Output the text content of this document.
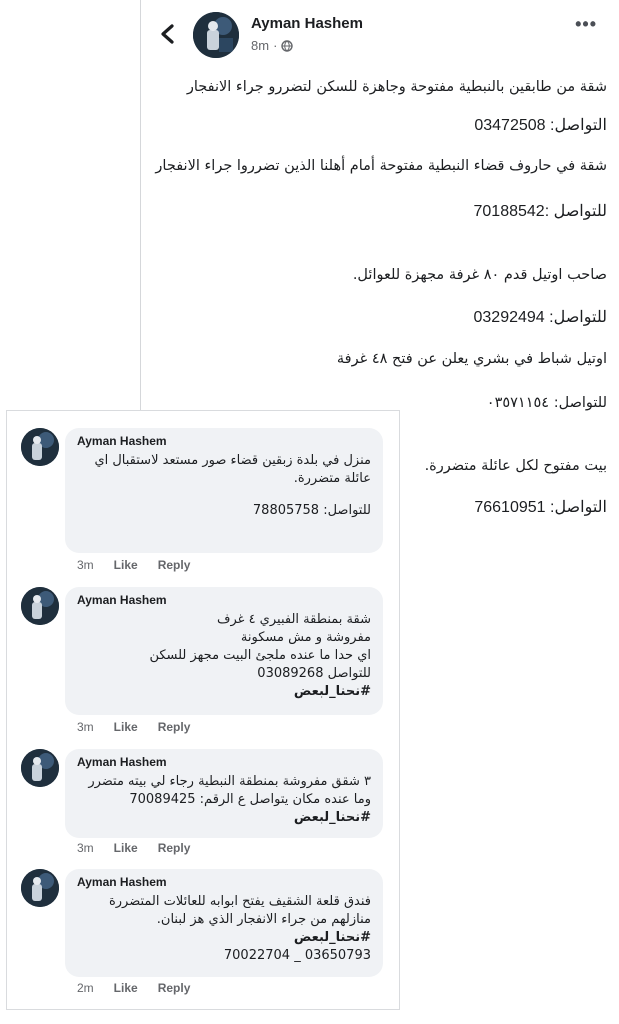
Ayman Hashem
8m ·
•••
شقة من طابقين بالنبطية مفتوحة وجاهزة للسكن لتضررو جراء الانفجار
التواصل: 03472508
شقة في حاروف قضاء النبطية مفتوحة أمام أهلنا الذين تضرروا جراء الانفجار
للتواصل :70188542
صاحب اوتيل قدم ٨٠ غرفة مجهزة للعوائل.
للتواصل: 03292494
اوتيل شباط في بشري يعلن عن فتح ٤٨ غرفة
للتواصل: ٠٣٥٧١١٥٤
بيت مفتوح لكل عائلة متضررة.
التواصل: 76610951
Ayman Hashem
منزل في بلدة زبقين قضاء صور مستعد لاستقبال اي عائلة متضررة.
للتواصل: 78805758
3m Like Reply
Ayman Hashem
شقة بمنطقة الفبيري ٤ غرف
مفروشة و مش مسكونة
اي حدا ما عنده ملجئ البيت مجهز للسكن
للتواصل 03089268
#نحنا_لبعض
3m Like Reply
Ayman Hashem
٣ شقق مفروشة بمنطقة النبطية رجاء لي بيته متضرر وما عنده مكان يتواصل ع الرقم: 70089425
#نحنا_لبعض
3m Like Reply
Ayman Hashem
فندق قلعة الشقيف يفتح ابوابه للعائلات المتضررة منازلهم من جراء الانفجار الذي هز لبنان.
#نحنا_لبعض
03650793 _ 70022704
2m Like Reply
